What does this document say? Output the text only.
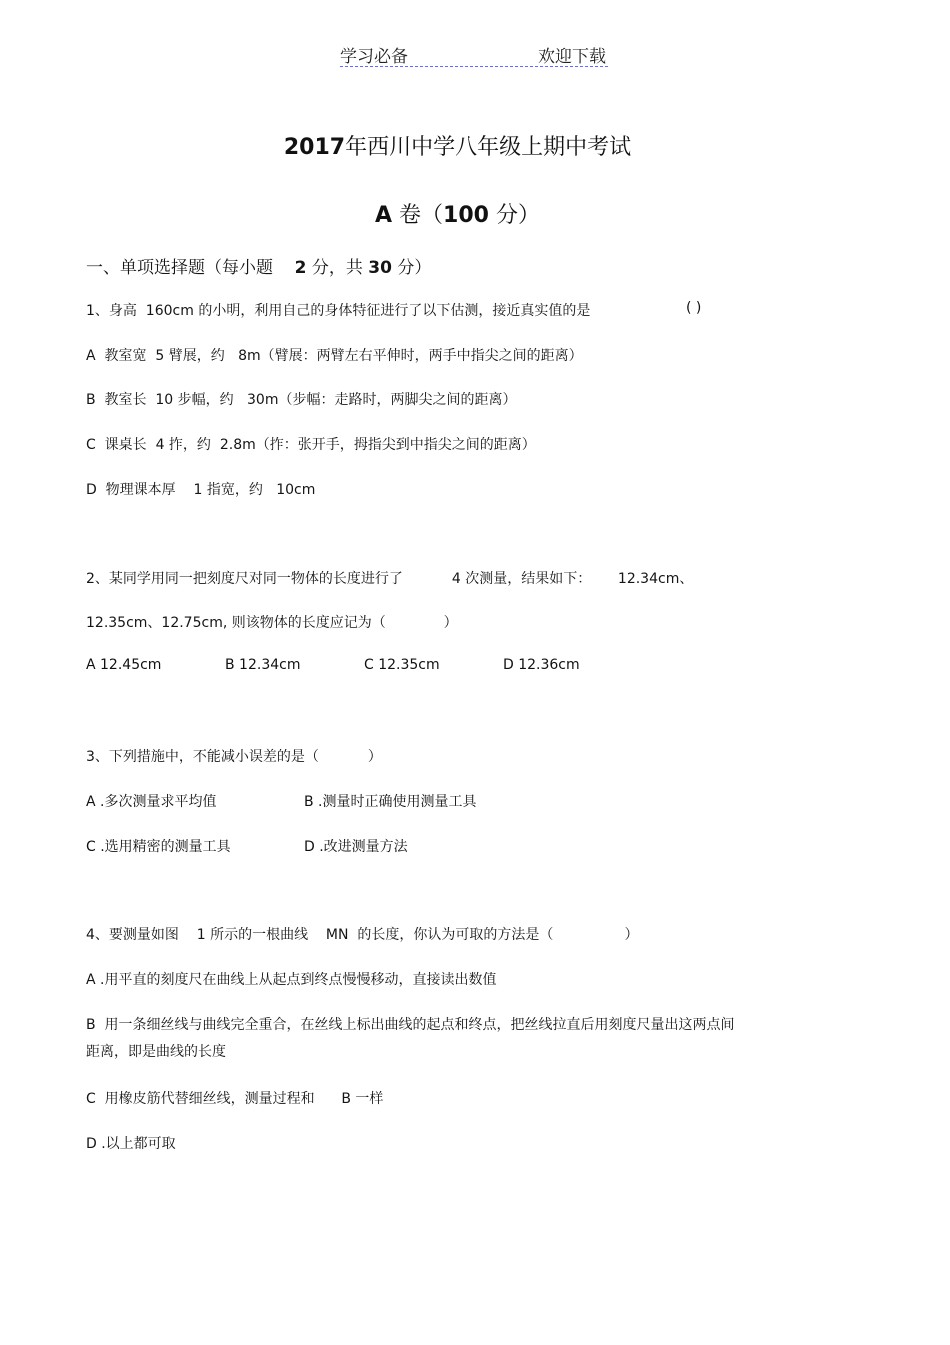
学习必备	欢迎下载
2017年西川中学八年级上期中考试
A 卷（100 分）
一、单项选择题（每小题 2 分，共 30 分）
1、身高  160cm 的小明，利用自己的身体特征进行了以下估测，接近真实值的是	( )
A  教室宽  5 臂展，约   8m（臂展：两臂左右平伸时，两手中指尖之间的距离）
B  教室长  10 步幅，约   30m（步幅：走路时，两脚尖之间的距离）
C  课桌长  4 拃，约  2.8m（拃：张开手，拇指尖到中指尖之间的距离）
D  物理课本厚    1 指宽，约   10cm
2、某同学用同一把刻度尺对同一物体的长度进行了           4 次测量，结果如下：      12.34cm、
12.35cm、12.75cm, 则该物体的长度应记为（             ）
A 12.45cm	B 12.34cm	C 12.35cm	D 12.36cm
3、下列措施中，不能减小误差的是（           ）
A .多次测量求平均值	B .测量时正确使用测量工具
C .选用精密的测量工具	D .改进测量方法
4、要测量如图    1 所示的一根曲线    MN  的长度，你认为可取的方法是（                ）
A .用平直的刻度尺在曲线上从起点到终点慢慢移动，直接读出数值
B  用一条细丝线与曲线完全重合，在丝线上标出曲线的起点和终点，把丝线拉直后用刻度尺量出这两点间
距离，即是曲线的长度
C  用橡皮筋代替细丝线，测量过程和      B 一样
D .以上都可取
